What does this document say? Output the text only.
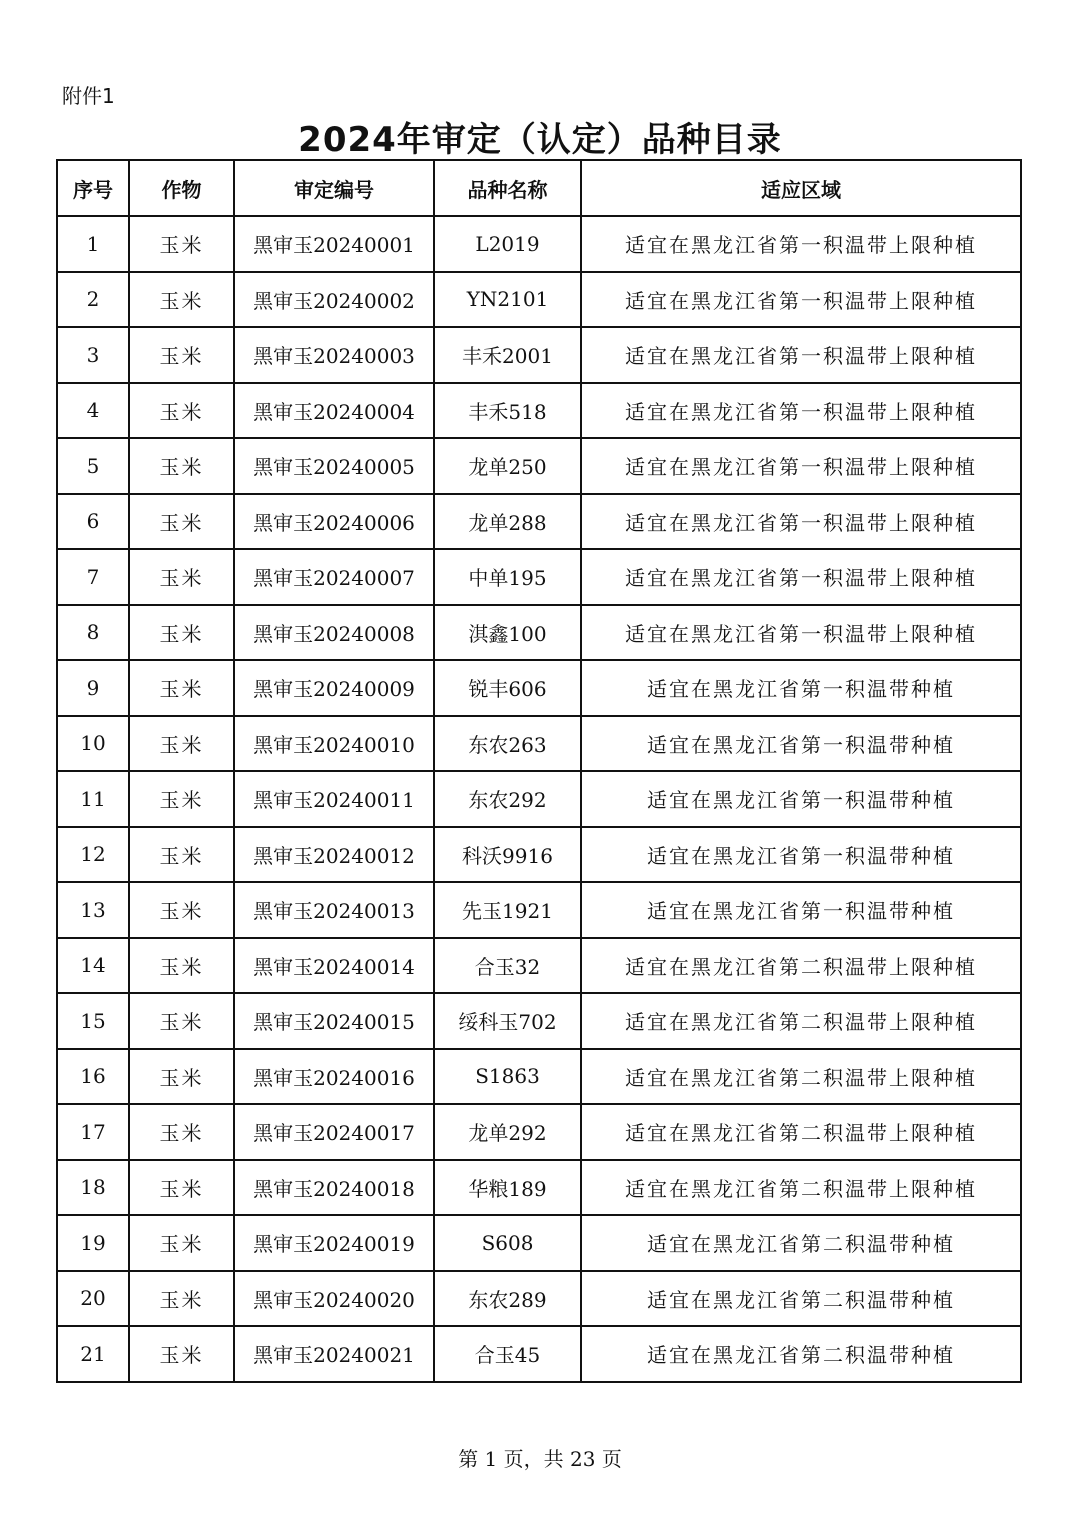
附件1
2024年审定（认定）品种目录
序号	作物	审定编号	品种名称	适应区域
1	玉米	黑审玉20240001	L2019	适宜在黑龙江省第一积温带上限种植
2	玉米	黑审玉20240002	YN2101	适宜在黑龙江省第一积温带上限种植
3	玉米	黑审玉20240003	丰禾2001	适宜在黑龙江省第一积温带上限种植
4	玉米	黑审玉20240004	丰禾518	适宜在黑龙江省第一积温带上限种植
5	玉米	黑审玉20240005	龙单250	适宜在黑龙江省第一积温带上限种植
6	玉米	黑审玉20240006	龙单288	适宜在黑龙江省第一积温带上限种植
7	玉米	黑审玉20240007	中单195	适宜在黑龙江省第一积温带上限种植
8	玉米	黑审玉20240008	淇鑫100	适宜在黑龙江省第一积温带上限种植
9	玉米	黑审玉20240009	锐丰606	适宜在黑龙江省第一积温带种植
10	玉米	黑审玉20240010	东农263	适宜在黑龙江省第一积温带种植
11	玉米	黑审玉20240011	东农292	适宜在黑龙江省第一积温带种植
12	玉米	黑审玉20240012	科沃9916	适宜在黑龙江省第一积温带种植
13	玉米	黑审玉20240013	先玉1921	适宜在黑龙江省第一积温带种植
14	玉米	黑审玉20240014	合玉32	适宜在黑龙江省第二积温带上限种植
15	玉米	黑审玉20240015	绥科玉702	适宜在黑龙江省第二积温带上限种植
16	玉米	黑审玉20240016	S1863	适宜在黑龙江省第二积温带上限种植
17	玉米	黑审玉20240017	龙单292	适宜在黑龙江省第二积温带上限种植
18	玉米	黑审玉20240018	华粮189	适宜在黑龙江省第二积温带上限种植
19	玉米	黑审玉20240019	S608	适宜在黑龙江省第二积温带种植
20	玉米	黑审玉20240020	东农289	适宜在黑龙江省第二积温带种植
21	玉米	黑审玉20240021	合玉45	适宜在黑龙江省第二积温带种植
第 1 页，共 23 页
